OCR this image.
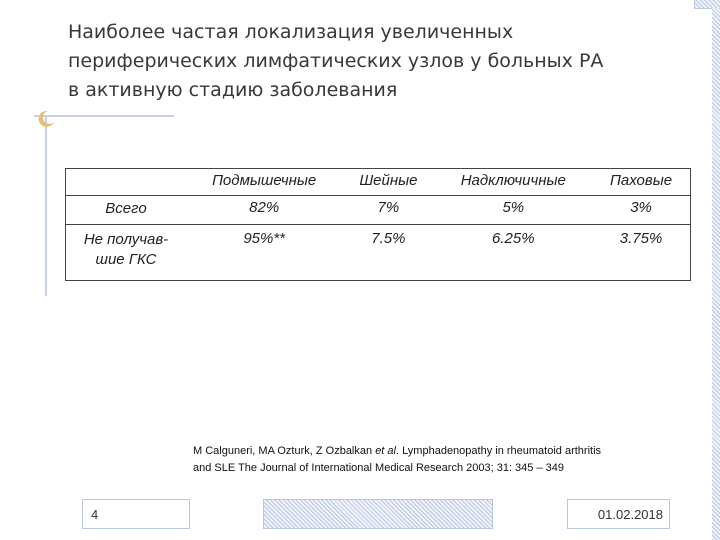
Наиболее частая локализация увеличенных
периферических лимфатических узлов у больных РА
в активную стадию заболевания
	Подмышечные	Шейные	Надключичные	Паховые
Всего	82%	7%	5%	3%

Не получав-
шие ГКС	95%**	7.5%	6.25%	3.75%
M Calguneri, MA Ozturk, Z Ozbalkan et al. Lymphadenopathy in rheumatoid arthritis
and SLE The Journal of International Medical Research 2003; 31: 345 – 349
4	01.02.2018
